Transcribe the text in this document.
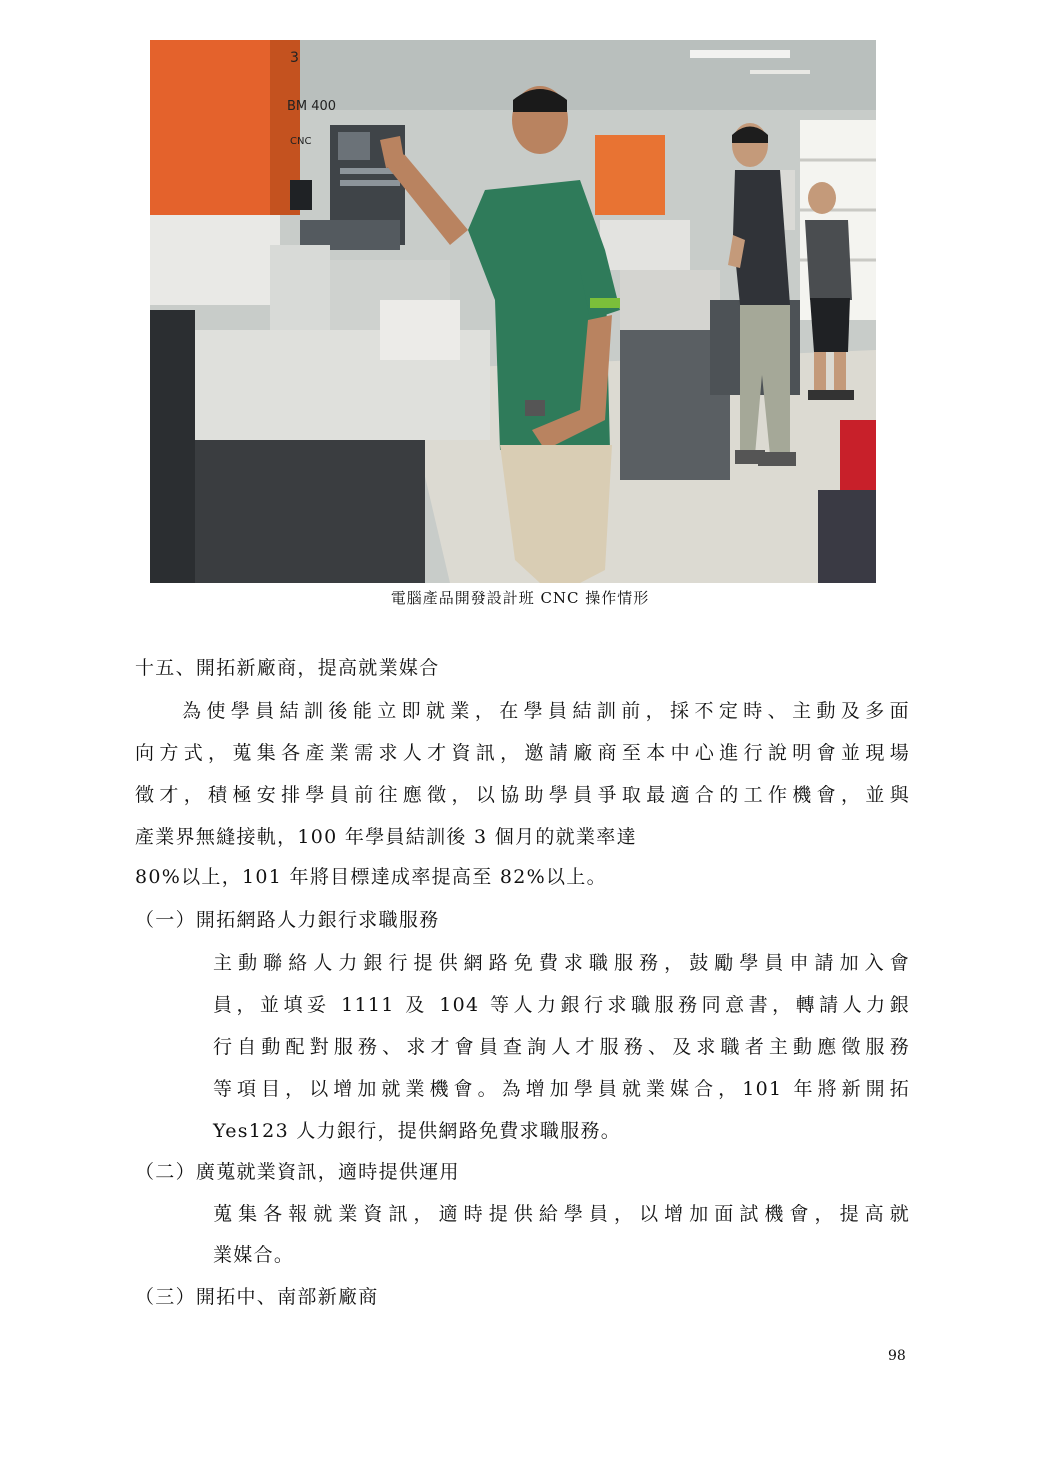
3
BM 400
CNC
電腦產品開發設計班 CNC 操作情形
十五、開拓新廠商，提高就業媒合
為使學員結訓後能立即就業，在學員結訓前，採不定時、主動及多面
向方式，蒐集各產業需求人才資訊，邀請廠商至本中心進行說明會並現場
徵才，積極安排學員前往應徵，以協助學員爭取最適合的工作機會，並與
產業界無縫接軌，100 年學員結訓後 3 個月的就業率達
80%以上，101 年將目標達成率提高至 82%以上。
（一）開拓網路人力銀行求職服務
主動聯絡人力銀行提供網路免費求職服務，鼓勵學員申請加入會
員，並填妥 1111 及 104 等人力銀行求職服務同意書，轉請人力銀
行自動配對服務、求才會員查詢人才服務、及求職者主動應徵服務
等項目，以增加就業機會。為增加學員就業媒合，101 年將新開拓
Yes123 人力銀行，提供網路免費求職服務。
（二）廣蒐就業資訊，適時提供運用
蒐集各報就業資訊，適時提供給學員，以增加面試機會，提高就
業媒合。
（三）開拓中、南部新廠商
98
